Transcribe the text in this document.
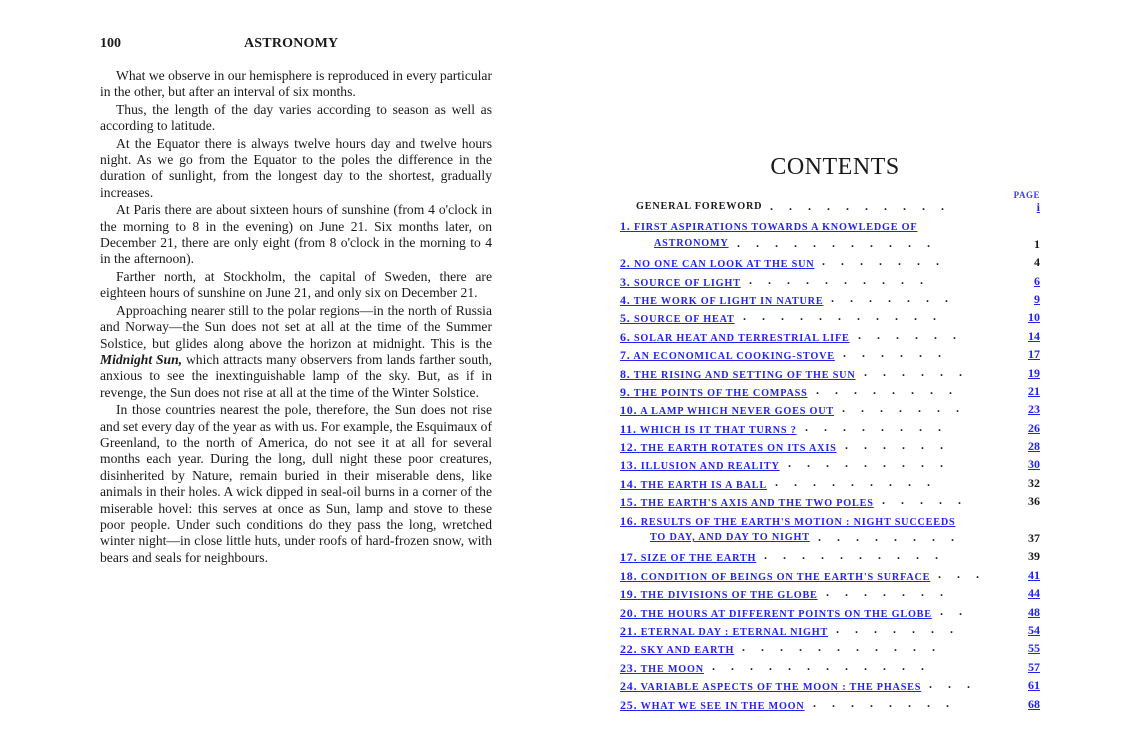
100	ASTRONOMY

What we observe in our hemisphere is reproduced in every particular in the other, but after an interval of six months.

Thus, the length of the day varies according to season as well as according to latitude.

At the Equator there is always twelve hours day and twelve hours night. As we go from the Equator to the poles the difference in the duration of sunlight, from the longest day to the shortest, gradually increases.

At Paris there are about sixteen hours of sunshine (from 4 o'clock in the morning to 8 in the evening) on June 21. Six months later, on December 21, there are only eight (from 8 o'clock in the morning to 4 in the afternoon).

Farther north, at Stockholm, the capital of Sweden, there are eighteen hours of sunshine on June 21, and only six on December 21.

Approaching nearer still to the polar regions—in the north of Russia and Norway—the Sun does not set at all at the time of the Summer Solstice, but glides along above the horizon at midnight. This is the Midnight Sun, which attracts many observers from lands farther south, anxious to see the inextinguishable lamp of the sky. But, as if in revenge, the Sun does not rise at all at the time of the Winter Solstice.

In those countries nearest the pole, therefore, the Sun does not rise and set every day of the year as with us. For example, the Esquimaux of Greenland, to the north of America, do not see it at all for several months each year. During the long, dull night these poor creatures, disinherited by Nature, remain buried in their miserable dens, like animals in their holes. A wick dipped in seal-oil burns in a corner of the miserable hovel: this serves at once as Sun, lamp and stove to these poor people. Under such conditions do they pass the long, wretched winter night—in close little huts, under roofs of hard-frozen snow, with bears and seals for neighbours.

CONTENTS
PAGE
GENERAL FOREWORD	i
..........
1. FIRST ASPIRATIONS TOWARDS A KNOWLEDGE OF
ASTRONOMY	1
...........
2. NO ONE CAN LOOK AT THE SUN	4
.......
3. SOURCE OF LIGHT	6
..........
4. THE WORK OF LIGHT IN NATURE	9
.......
5. SOURCE OF HEAT	10
...........
6. SOLAR HEAT AND TERRESTRIAL LIFE	14
......
7. AN ECONOMICAL COOKING-STOVE	17
......
8. THE RISING AND SETTING OF THE SUN	19
......
9. THE POINTS OF THE COMPASS	21
........
10. A LAMP WHICH NEVER GOES OUT	23
.......
11. WHICH IS IT THAT TURNS ?	26
........
12. THE EARTH ROTATES ON ITS AXIS	28
......
13. ILLUSION AND REALITY	30
.........
14. THE EARTH IS A BALL	32
.........
15. THE EARTH'S AXIS AND THE TWO POLES	36
.....
16. RESULTS OF THE EARTH'S MOTION : NIGHT SUCCEEDS
TO DAY, AND DAY TO NIGHT	37
........
17. SIZE OF THE EARTH	39
..........
18. CONDITION OF BEINGS ON THE EARTH'S SURFACE	41
...
19. THE DIVISIONS OF THE GLOBE	44
.......
20. THE HOURS AT DIFFERENT POINTS ON THE GLOBE	48
..
21. ETERNAL DAY : ETERNAL NIGHT	54
.......
22. SKY AND EARTH	55
...........
23. THE MOON	57
............
24. VARIABLE ASPECTS OF THE MOON : THE PHASES	61
...
25. WHAT WE SEE IN THE MOON	68
........
